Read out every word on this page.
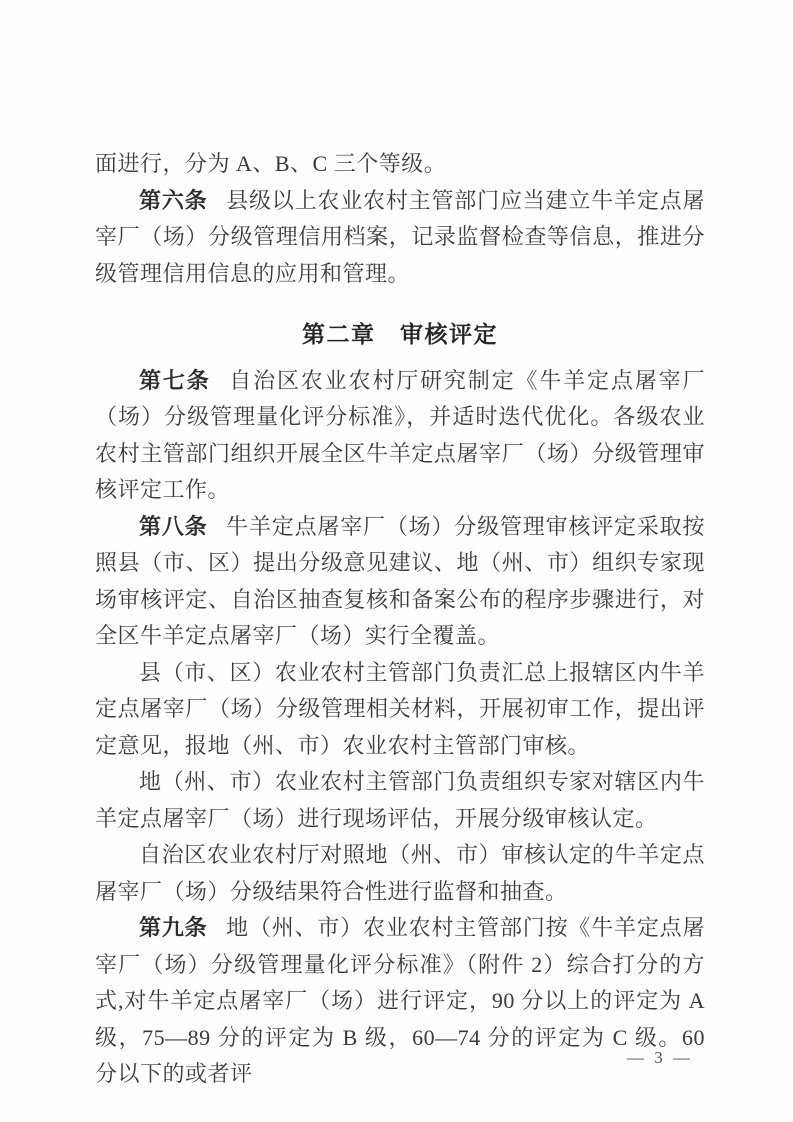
面进行，分为 A、B、C 三个等级。

第六条 县级以上农业农村主管部门应当建立牛羊定点屠宰厂（场）分级管理信用档案，记录监督检查等信息，推进分级管理信用信息的应用和管理。

第二章　审核评定

第七条 自治区农业农村厅研究制定《牛羊定点屠宰厂（场）分级管理量化评分标准》，并适时迭代优化。各级农业农村主管部门组织开展全区牛羊定点屠宰厂（场）分级管理审核评定工作。

第八条 牛羊定点屠宰厂（场）分级管理审核评定采取按照县（市、区）提出分级意见建议、地（州、市）组织专家现场审核评定、自治区抽查复核和备案公布的程序步骤进行，对全区牛羊定点屠宰厂（场）实行全覆盖。

县（市、区）农业农村主管部门负责汇总上报辖区内牛羊定点屠宰厂（场）分级管理相关材料，开展初审工作，提出评定意见，报地（州、市）农业农村主管部门审核。

地（州、市）农业农村主管部门负责组织专家对辖区内牛羊定点屠宰厂（场）进行现场评估，开展分级审核认定。

自治区农业农村厅对照地（州、市）审核认定的牛羊定点屠宰厂（场）分级结果符合性进行监督和抽查。

第九条 地（州、市）农业农村主管部门按《牛羊定点屠宰厂（场）分级管理量化评分标准》（附件 2）综合打分的方式,对牛羊定点屠宰厂（场）进行评定，90 分以上的评定为 A 级，75—89 分的评定为 B 级，60—74 分的评定为 C 级。60 分以下的或者评

— 3 —
